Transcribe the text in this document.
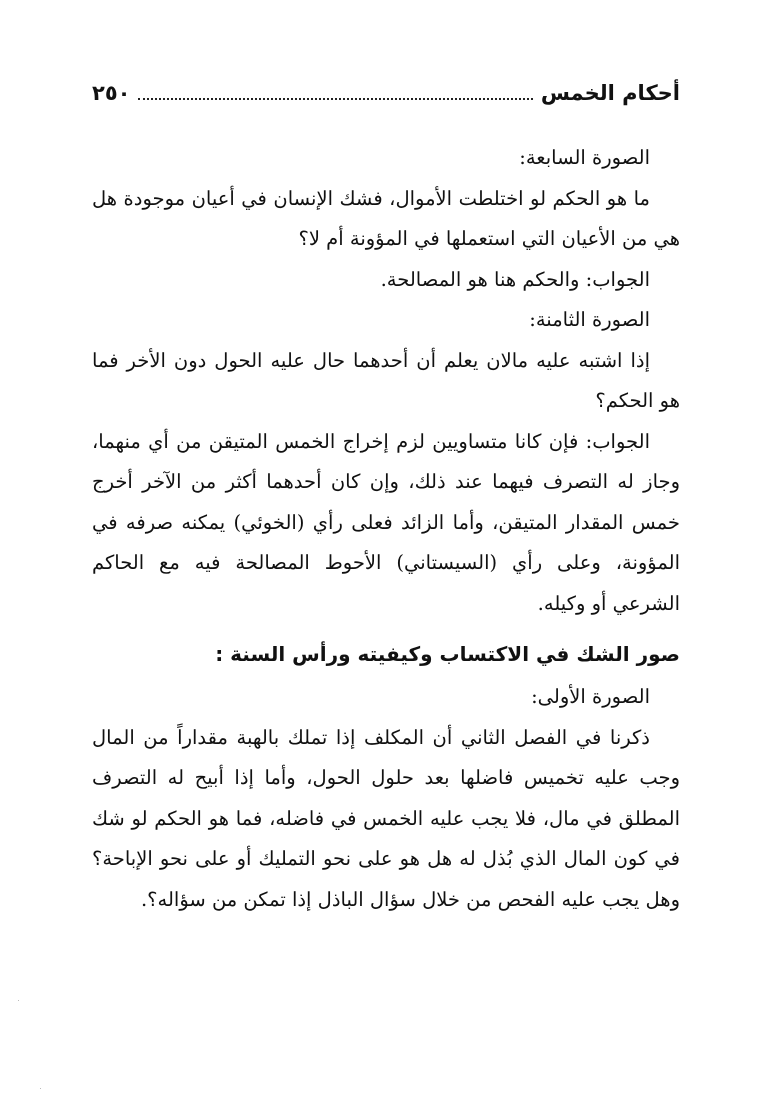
أحكام الخمس
٢٥٠

الصورة السابعة:

ما هو الحكم لو اختلطت الأموال، فشك الإنسان في أعيان موجودة هل هي من الأعيان التي استعملها في المؤونة أم لا؟

الجواب: والحكم هنا هو المصالحة.

الصورة الثامنة:

إذا اشتبه عليه مالان يعلم أن أحدهما حال عليه الحول دون الأخر فما هو الحكم؟

الجواب: فإن كانا متساويين لزم إخراج الخمس المتيقن من أي منهما، وجاز له التصرف فيهما عند ذلك، وإن كان أحدهما أكثر من الآخر أخرج خمس المقدار المتيقن، وأما الزائد فعلى رأي (الخوئي) يمكنه صرفه في المؤونة، وعلى رأي (السيستاني) الأحوط المصالحة فيه مع الحاكم الشرعي أو وكيله.

صور الشك في الاكتساب وكيفيته ورأس السنة :

الصورة الأولى:

ذكرنا في الفصل الثاني أن المكلف إذا تملك بالهبة مقداراً من المال وجب عليه تخميس فاضلها بعد حلول الحول، وأما إذا أبيح له التصرف المطلق في مال، فلا يجب عليه الخمس في فاضله، فما هو الحكم لو شك في كون المال الذي بُذل له هل هو على نحو التمليك أو على نحو الإباحة؟ وهل يجب عليه الفحص من خلال سؤال الباذل إذا تمكن من سؤاله؟.
